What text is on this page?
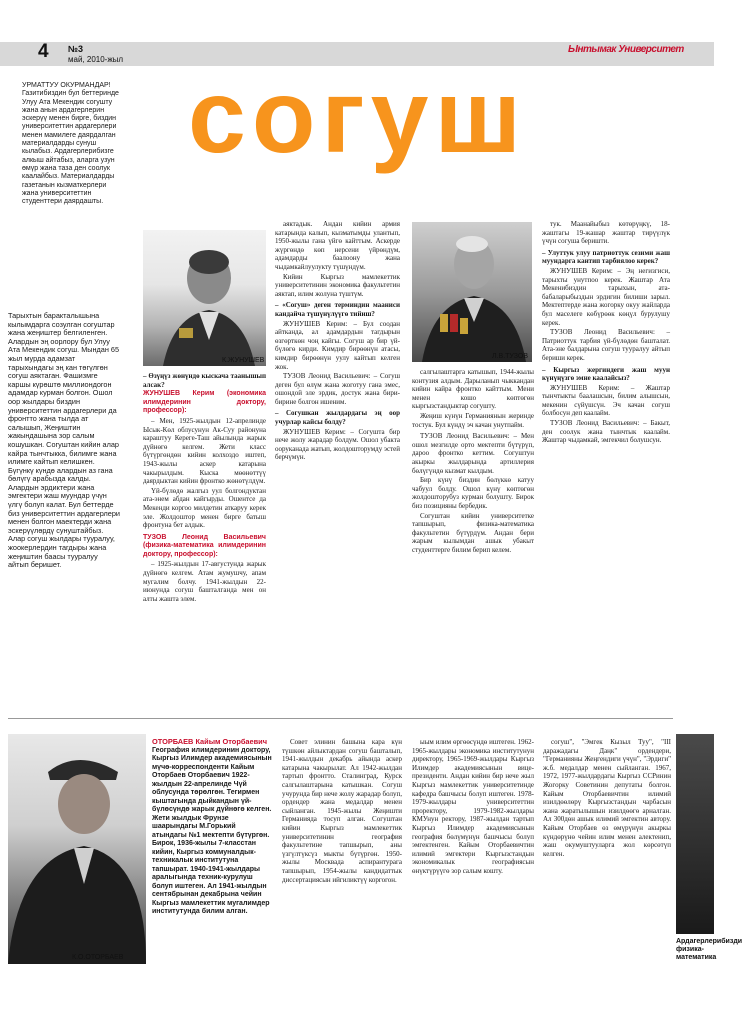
4 №3
май, 2010-жыл
Ынтымак Университет
согуш
УРМАТТУУ ОКУРМАНДАР! Газитибиздин бул беттеринде Улуу Ата Мекендик согушту жана анын ардагерлерин эскерүү менен бирге, биздин университеттин ардагерлери менен мамилеге даярдалган материалдарды сунуш кылабыз. Ардагерлерибизге алкыш айтабыз, аларга узун өмүр жана таза ден соолук каалайбыз. Материалдарды газетанын кызматкерлери жана университеттин студенттери даярдашты.
Тарыхтын баракталышына кылымдарга созулган согуштар жана жеңиштер белгиленген. Алардын эң оорлору бул Улуу Ата Мекендик согуш. Мындан 65 жыл мурда адамзат тарыхындагы эң кан төгүлгөн согуш аяктаган. Фашизмге каршы күрөштө миллиондогон адамдар курман болгон. Ошол оор жылдары биздин университеттин ардагерлери да фронтто жана тылда ат салышып, Жеңиштин жакындашына зор салым кошушкан. Согуштан кийин алар кайра тынчтыкка, билимге жана илимге кайтып келишкен. Бүгүнкү күндө алардын аз гана бөлүгү арабызда калды. Алардын эрдиктери жана эмгектери жаш муундар үчүн үлгү болуп калат. Бул беттерде биз университеттин ардагерлери менен болгон маектерди жана эскерүүлөрдү сунуштайбыз. Алар согуш жылдары тууралуу, жоокерлердин тагдыры жана жеңиштин баасы тууралуу айтып беришет.
К.ЖУНУШЕВ

– Өзүңүз жөнүндө кыскача таанышып алсак?

ЖУНУШЕВ Керим (экономика илимдеринин доктору, профессор):

– Мен, 1925-жылдын 12-апрелинде Ысык-Көл облусунун Ак-Суу районуна караштуу Кереге-Таш айылында жарык дүйнөгө келгем. Жети класс бүтүргөндөн кийин колхоздо иштеп, 1943-жылы аскер катарына чакырылдым. Кыска мөөнөттүү даярдыктан кийин фронтко жөнөтүлдүм.

Үй-бүлөдө жалгыз уул болгондуктан ата-энем абдан кайгырды. Ошентсе да Мекенди коргоо милдетин аткаруу керек эле. Жолдоштор менен бирге батыш фронтуна бет алдык.

ТУЗОВ Леонид Васильевич (физика-математика илимдеринин доктору, профессор):

– 1925-жылдын 17-августунда жарык дүйнөгө келгем. Атам жумушчу, апам мугалим болчу. 1941-жылдын 22-июнунда согуш башталганда мен он алты жашта элем.

аяктадык. Андан кийин армия катарында калып, кызматымды улантып, 1950-жылы гана үйгө кайттым. Аскерде жүргөндө көп нерсени үйрөндүм, адамдарды баалоону жана чыдамкайлуулукту түшүндүм.

Кийин Кыргыз мамлекеттик университетинин экономика факультетин аяктап, илим жолуна түштүм.

– «Согуш» деген терминдин мааниси кандайча түшүнүлүүгө тийиш?

ЖУНУШЕВ Керим: – Бул соодан айтканда, ал адамдардын тагдырын өзгөрткөн чоң кайгы. Согуш ар бир үй-бүлөгө кирди. Кимдир бирөөнүн атасы, кимдир бирөөнүн уулу кайтып келген жок.

ТУЗОВ Леонид Васильевич: – Согуш деген бул өлүм жана жоготуу гана эмес, ошондой эле эрдик, достук жана бири-бирине болгон ишеним.

– Согушкан жылдардагы эң оор учурлар кайсы болду?

ЖУНУШЕВ Керим: – Согушта бир нече жолу жарадар болдум. Ошол убакта ооруканада жатып, жолдошторумду эстей берчүмүн.

Л.В.ТУЗОВ

салгылаштарга катышып, 1944-жылы контузия алдым. Дарыланып чыккандан кийин кайра фронтко кайттым. Мени менен кошо көптөгөн кыргызстандыктар согушту.

Жеңиш күнүн Германиянын жеринде тостук. Бул күндү эч качан унутпайм.

ТУЗОВ Леонид Васильевич: – Мен ошол мезгилде орто мектепти бүтүрүп, дароо фронтко кеттим. Согуштун акыркы жылдарында артиллерия бөлүгүндө кызмат кылдым.

Бир күнү биздин бөлүккө катуу чабуул болду. Ошол күнү көптөгөн жолдошторубуз курман болушту. Бирок биз позицияны бербедик.

Согуштан кийин университетке тапшырып, физика-математика факультетин бүтүрдүм. Андан бери жарым кылымдан ашык убакыт студенттерге билим берип келем.

тук. Маанайыбыз көтөрүңкү, 18-жаштагы 19-жашар жаштар тирүүлүк үчүн согуша беришти.

– Улуттук улуу патриоттук сезими жаш муундарга кантип тарбиялоо керек?

ЖУНУШЕВ Керим: – Эң негизгиси, тарыхты унутпоо керек. Жаштар Ата Мекенибиздин тарыхын, ата-бабаларыбыздын эрдигин билиши зарыл. Мектептерде жана жогорку окуу жайларда бул маселеге көбүрөөк көңүл бурулушу керек.

ТУЗОВ Леонид Васильевич: – Патриоттук тарбия үй-бүлөдөн башталат. Ата-эне балдарына согуш тууралуу айтып бериши керек.

– Кыргыз жергиндеги жаш муун күнүңүзгө эмне каалайсыз?

ЖУНУШЕВ Керим: – Жаштар тынчтыкты баалашсын, билим алышсын, мекенин сүйүшсүн. Эч качан согуш болбосун деп каалайм.

ТУЗОВ Леонид Васильевич: – Бакыт, ден соолук жана тынчтык каалайм. Жаштар чыдамкай, эмгекчил болушсун.

К.О.ОТОРБАЕВ
ОТОРБАЕВ Кайым Оторбаевич
География илимдеринин доктору, Кыргыз Илимдер академиясынын мүчө-корреспонденти Кайым Оторбаев Оторбаевич 1922-жылдын 22-апрелинде Чүй облусунда төрөлгөн. Тегирмен кыштагында дыйкандын үй-бүлөсүндө жарык дүйнөгө келген. Жети жылдык Фрунзе шаарындагы М.Горький атындагы №1 мектепти бүтүргөн. Бирок, 1936-жылы 7-класстан кийин, Кыргыз коммуналдык-техникалык институтуна тапшырат. 1940-1941-жылдары аралыгында техник-курулуш болуп иштеген. Ал 1941-жылдын сентябрынан декабрына чейин Кыргыз мамлекеттик мугалимдер институтунда билим алган.

Совет элинин башына кара күн түшкөн айлыктардан согуш башталып, 1941-жылдын декабрь айында аскер катарына чакырылат. Ал 1942-жылдан тартып фронтто. Сталинград, Курск салгылаштарына катышкан. Согуш учурунда бир нече жолу жарадар болуп, ордендер жана медалдар менен сыйланган. 1945-жылы Жеңишти Германияда тосуп алган. Согуштан кийин Кыргыз мамлекеттик университетинин география факультетине тапшырып, аны үзгүлтүксүз мыкты бүтүргөн. 1950-жылы Москвада аспирантурага тапшырып, 1954-жылы кандидаттык диссертациясын ийгиликтүү коргогон.

ыым илим өргөөсүндө иштеген. 1962-1965-жылдары экономика институтунун директору, 1965-1969-жылдары Кыргыз Илимдер академиясынын вице-президенти. Андан кийин бир нече жыл Кыргыз мамлекеттик университетинде кафедра башчысы болуп иштеген. 1978-1979-жылдары университеттин проректору, 1979-1982-жылдары КМУнун ректору, 1987-жылдан тартып Кыргыз Илимдер академиясынын география бөлүмүнүн башчысы болуп эмгектенген. Кайым Оторбаевичтин илимий эмгектери Кыргызстандын экономикалык географиясын өнүктүрүүгө зор салым кошту.

согуш", "Эмгек Кызыл Туу", "III даражадагы Даңк" ордендери, "Германияны Жеңгендиги үчүн", "Эрдиги" ж.б. медалдар менен сыйланган. 1967, 1972, 1977-жылдардагы Кыргыз ССРинин Жогорку Советинин депутаты болгон. Кайым Оторбаевичтин илимий изилдөөлөрү Кыргызстандын чарбасын жана жаратылышын изилдөөгө арналган. Ал 300дөн ашык илимий эмгектин автору. Кайым Оторбаев өз өмүрүнүн акыркы күндөрүнө чейин илим менен алектенип, жаш окумуштууларга жол көрсөтүп келген.

Ардагерлерибизди физика-математика
